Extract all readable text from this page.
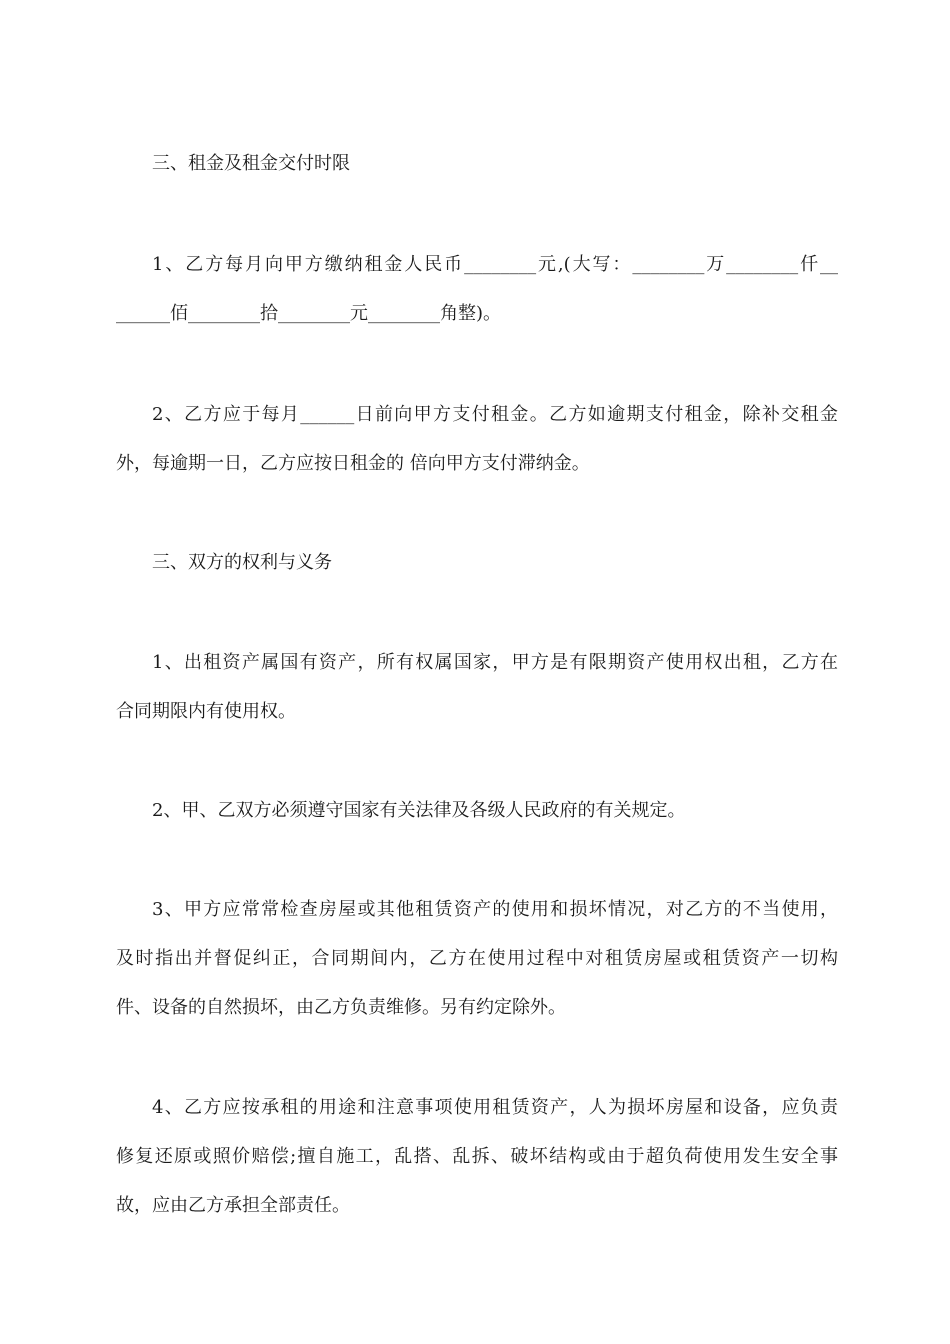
三、租金及租金交付时限
1、乙方每月向甲方缴纳租金人民币________元,(大写：________万________仟__
______佰________拾________元________角整)。
2、乙方应于每月______日前向甲方支付租金。乙方如逾期支付租金，除补交租金
外，每逾期一日，乙方应按日租金的 倍向甲方支付滞纳金。
三、双方的权利与义务
1、出租资产属国有资产，所有权属国家，甲方是有限期资产使用权出租，乙方在
合同期限内有使用权。
2、甲、乙双方必须遵守国家有关法律及各级人民政府的有关规定。
3、甲方应常常检查房屋或其他租赁资产的使用和损坏情况，对乙方的不当使用，
及时指出并督促纠正，合同期间内，乙方在使用过程中对租赁房屋或租赁资产一切构
件、设备的自然损坏，由乙方负责维修。另有约定除外。
4、乙方应按承租的用途和注意事项使用租赁资产，人为损坏房屋和设备，应负责
修复还原或照价赔偿;擅自施工，乱搭、乱拆、破坏结构或由于超负荷使用发生安全事
故，应由乙方承担全部责任。
